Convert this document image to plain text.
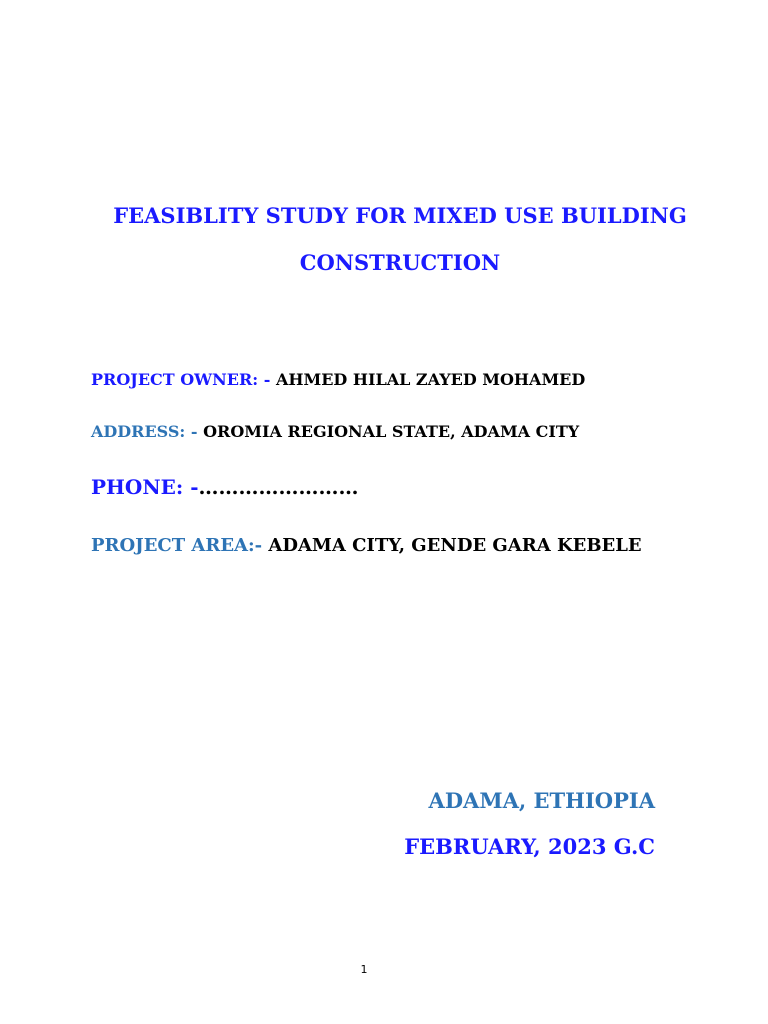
FEASIBLITY STUDY FOR MIXED USE BUILDING
CONSTRUCTION
PROJECT OWNER: - AHMED HILAL ZAYED MOHAMED
ADDRESS: - OROMIA REGIONAL STATE, ADAMA CITY
PHONE: -……………………
PROJECT AREA:- ADAMA CITY, GENDE GARA KEBELE
ADAMA, ETHIOPIA
FEBRUARY, 2023 G.C
1
